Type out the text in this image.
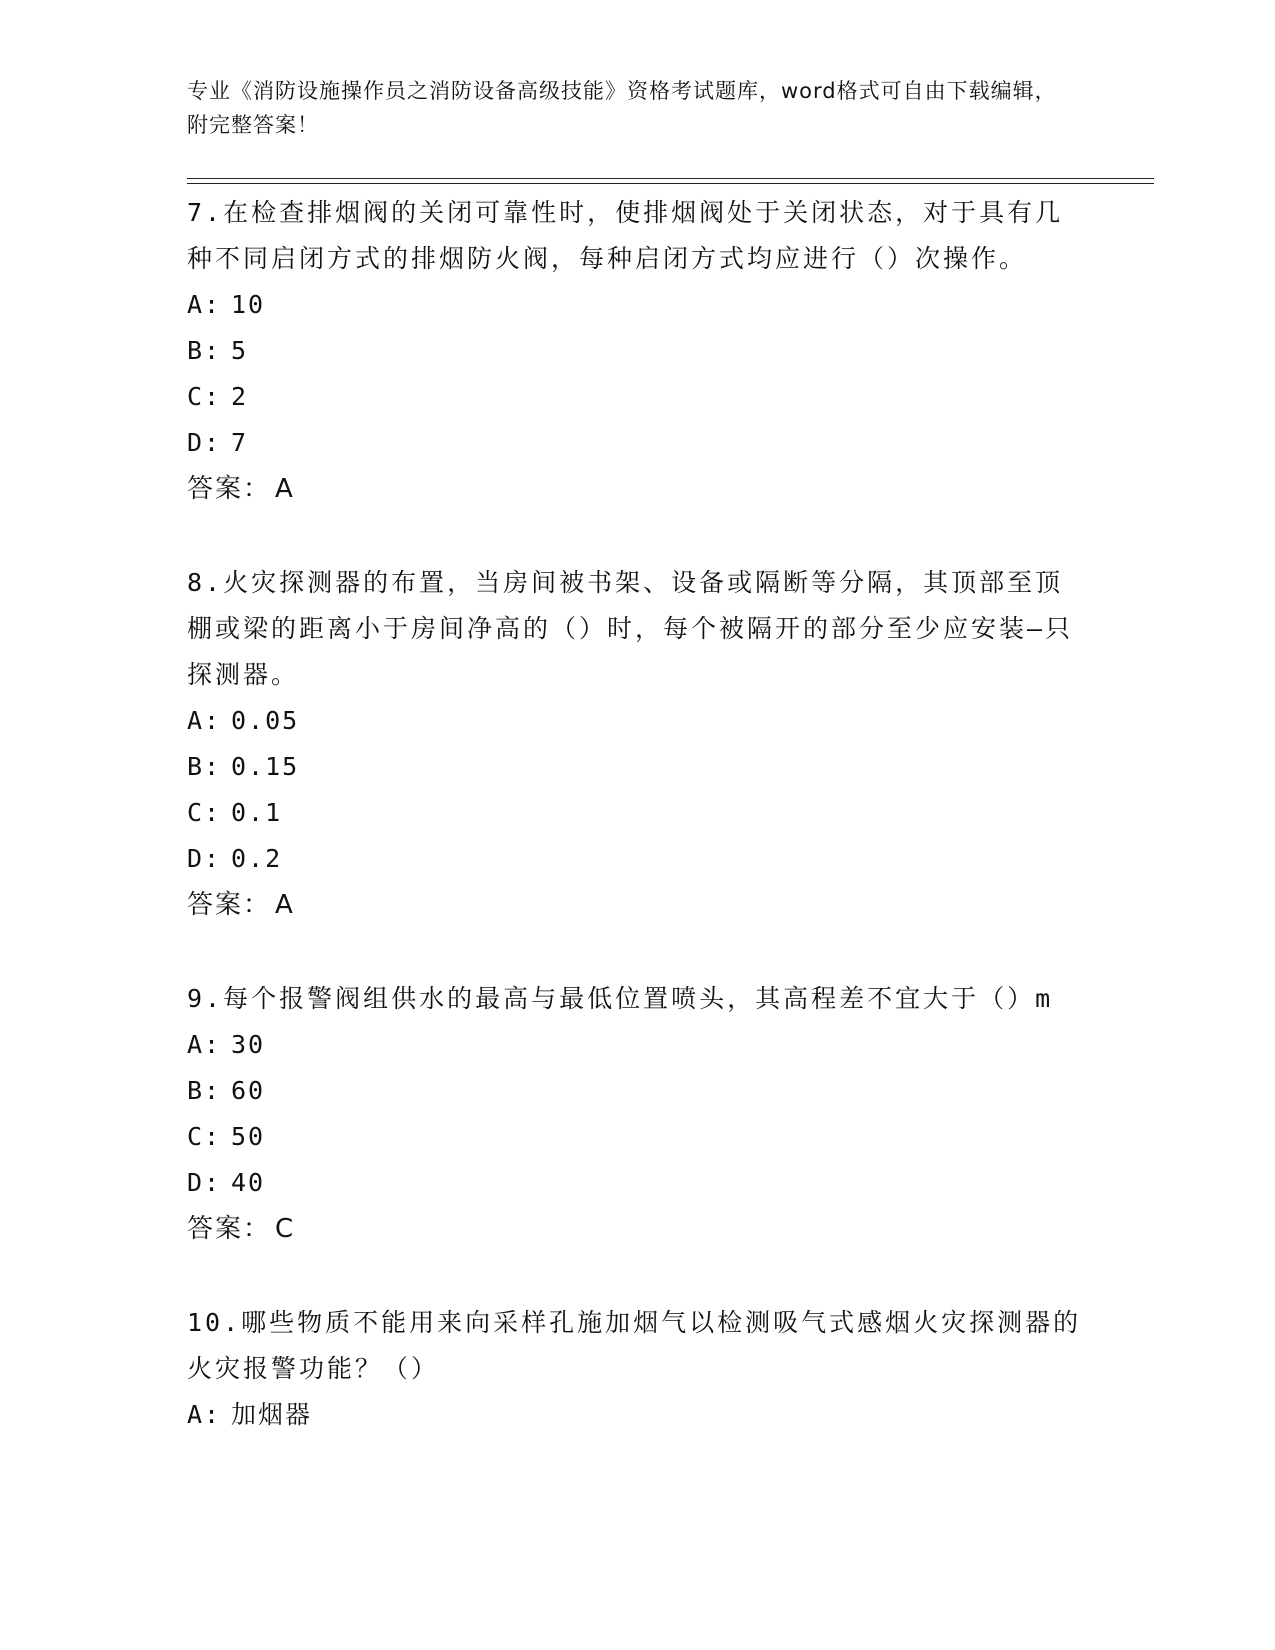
专业《消防设施操作员之消防设备高级技能》资格考试题库，word格式可自由下载编辑，附完整答案！

7.在检查排烟阀的关闭可靠性时，使排烟阀处于关闭状态，对于具有几种不同启闭方式的排烟防火阀，每种启闭方式均应进行（）次操作。

A: 10

B: 5

C: 2

D: 7

答案： A

8.火灾探测器的布置，当房间被书架、设备或隔断等分隔，其顶部至顶棚或梁的距离小于房间净高的（）时，每个被隔开的部分至少应安装—只探测器。

A: 0.05

B: 0.15

C: 0.1

D: 0.2

答案： A

9.每个报警阀组供水的最高与最低位置喷头，其高程差不宜大于（）m

A: 30

B: 60

C: 50

D: 40

答案： C

10.哪些物质不能用来向采样孔施加烟气以检测吸气式感烟火灾探测器的火灾报警功能？（）

A: 加烟器
